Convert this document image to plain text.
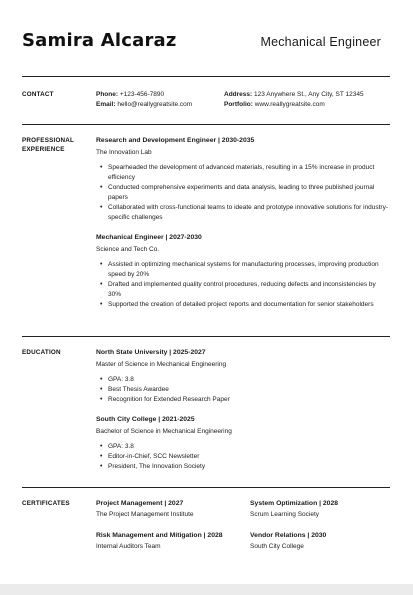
Samira Alcaraz	Mechanical Engineer
CONTACT	Phone: +123-456-7890	Address: 123 Anywhere St., Any City, ST 12345
Email: hello@reallygreatsite.com	Portfolio: www.reallygreatsite.com
PROFESSIONAL EXPERIENCE
Research and Development Engineer | 2030-2035
The Innovation Lab
• Spearheaded the development of advanced materials, resulting in a 15% increase in product efficiency
• Conducted comprehensive experiments and data analysis, leading to three published journal papers
• Collaborated with cross-functional teams to ideate and prototype innovative solutions for industry-specific challenges
Mechanical Engineer | 2027-2030
Science and Tech Co.
• Assisted in optimizing mechanical systems for manufacturing processes, improving production speed by 20%
• Drafted and implemented quality control procedures, reducing defects and inconsistencies by 30%
• Supported the creation of detailed project reports and documentation for senior stakeholders
EDUCATION	North State University | 2025-2027
Master of Science in Mechanical Engineering
• GPA: 3.8
• Best Thesis Awardee
• Recognition for Extended Research Paper
South City College | 2021-2025
Bachelor of Science in Mechanical Engineering
• GPA: 3.8
• Editor-in-Chief, SCC Newsletter
• President, The Innovation Society
CERTIFICATES	Project Management | 2027
The Project Management Institute
System Optimization | 2028
Scrum Learning Society
Risk Management and Mitigation | 2028
Internal Auditors Team
Vendor Relations | 2030
South City College
